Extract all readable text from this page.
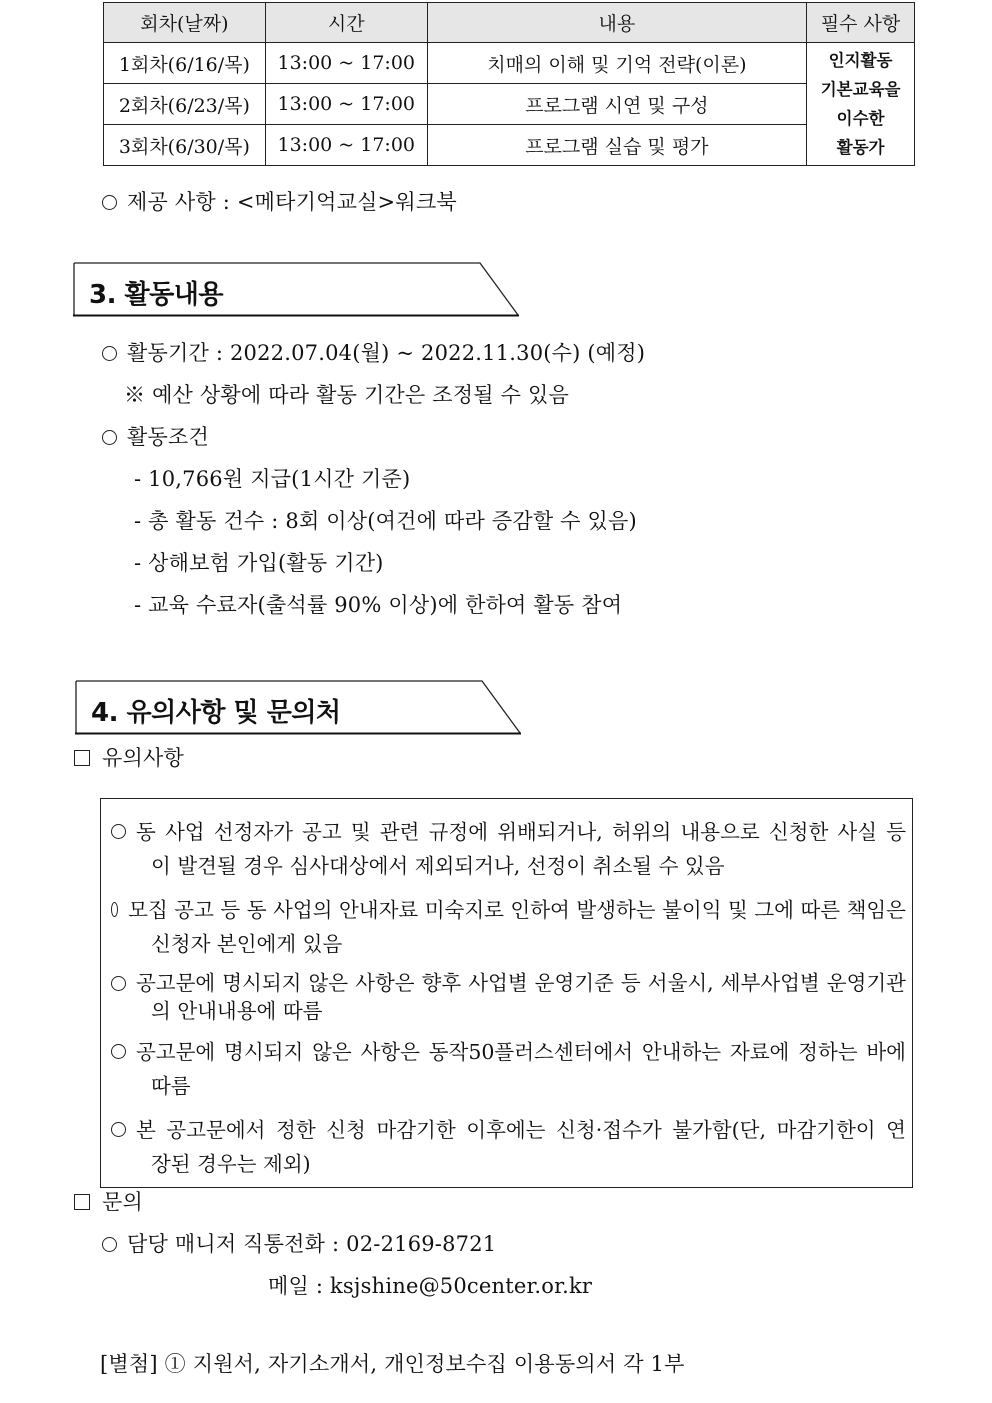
회차(날짜)	시간	내용	필수 사항
1회차(6/16/목)	13:00 ~ 17:00	치매의 이해 및 기억 전략(이론)	인지활동
기본교육을
이수한
활동가

2회차(6/23/목)	13:00 ~ 17:00	프로그램 시연 및 구성	
3회차(6/30/목)	13:00 ~ 17:00	프로그램 실습 및 평가	
제공 사항 : <메타기억교실>워크북
3. 활동내용
활동기간 : 2022.07.04(월) ~ 2022.11.30(수) (예정)
※ 예산 상황에 따라 활동 기간은 조정될 수 있음
활동조건
- 10,766원 지급(1시간 기준)
- 총 활동 건수 : 8회 이상(여건에 따라 증감할 수 있음)
- 상해보험 가입(활동 기간)
- 교육 수료자(출석률 90% 이상)에 한하여 활동 참여
4. 유의사항 및 문의처
유의사항
동 사업 선정자가 공고 및 관련 규정에 위배되거나, 허위의 내용으로 신청한 사실 등
이 발견될 경우 심사대상에서 제외되거나, 선정이 취소될 수 있음
모집 공고 등 동 사업의 안내자료 미숙지로 인하여 발생하는 불이익 및 그에 따른 책임은
신청자 본인에게 있음
공고문에 명시되지 않은 사항은 향후 사업별 운영기준 등 서울시, 세부사업별 운영기관
의 안내내용에 따름
공고문에 명시되지 않은 사항은 동작50플러스센터에서 안내하는 자료에 정하는 바에
따름
본 공고문에서 정한 신청 마감기한 이후에는 신청·접수가 불가함(단, 마감기한이 연
장된 경우는 제외)
문의
담당 매니저 직통전화 : 02-2169-8721
메일 : ksjshine@50center.or.kr
[별첨] ① 지원서, 자기소개서, 개인정보수집 이용동의서 각 1부
